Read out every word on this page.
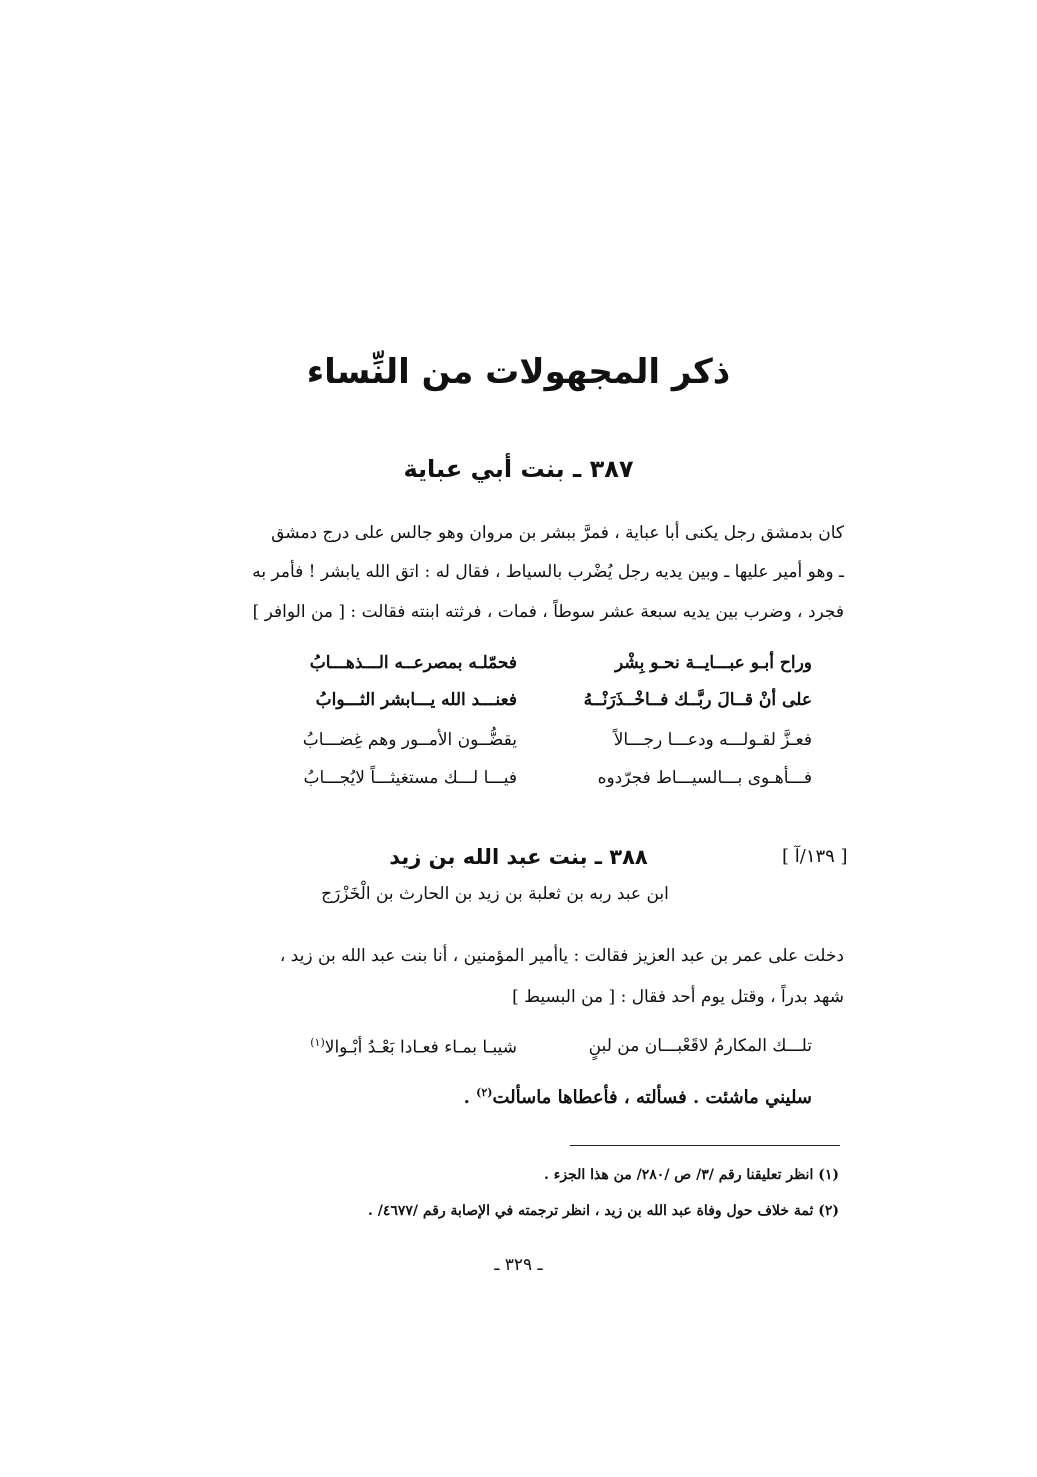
ذكر المجهولات من النِّساء
٣٨٧ ـ بنت أبي عباية
كان بدمشق رجل يكنى أبا عباية ، فمرَّ ببشر بن مروان وهو جالس على درج دمشق
ـ وهو أمير عليها ـ وبين يديه رجل يُضْرب بالسياط ، فقال له : اتق الله يابشر ! فأمر به
فجرد ، وضرب بين يديه سبعة عشر سوطاً ، فمات ، فرثته ابنته فقالت : [ من الوافر ]
وراح أبـو عبـــايــة نحـو بِشْر
فحمّلـه بمصرعــه الـــذهـــابُ
على أنْ قــالَ ربَّــك فــاخْــذَرَنْــهُ
فعنـــد الله يـــابشر الثـــوابُ
فعـزَّ لقـولـــه ودعـــا رجـــالاً
يقضُّــون الأمــور وهم غِضـــابُ
فـــأهـوى بـــالسيـــاط فجرّدوه
فيـــا لـــك مستغيثـــاً لايُجـــابُ
[ ١٣٩/آ ]
٣٨٨ ـ بنت عبد الله بن زيد
ابن عبد ربه بن ثعلبة بن زيد بن الحارث بن الْخَزْرَج
دخلت على عمر بن عبد العزيز فقالت : ياأمير المؤمنين ، أنا بنت عبد الله بن زيد ،
شهد بدراً ، وقتل يوم أحد فقال : [ من البسيط ]
تلـــك المكارمُ لاقَعْبـــان من لبنٍ
شيبـا بمـاء فعـادا بَعْـدُ أبْـوالا$^{(١)}$
سليني ماشئت . فسألته ، فأعطاها ماسألت$^{(٢)}$ .
(١) انظر تعليقنا رقم /٣/ ص /٢٨٠/ من هذا الجزء .
(٢) ثمة خلاف حول وفاة عبد الله بن زيد ، انظر ترجمته في الإصابة رقم /٤٦٧٧/ .
ـ ٣٢٩ ـ
